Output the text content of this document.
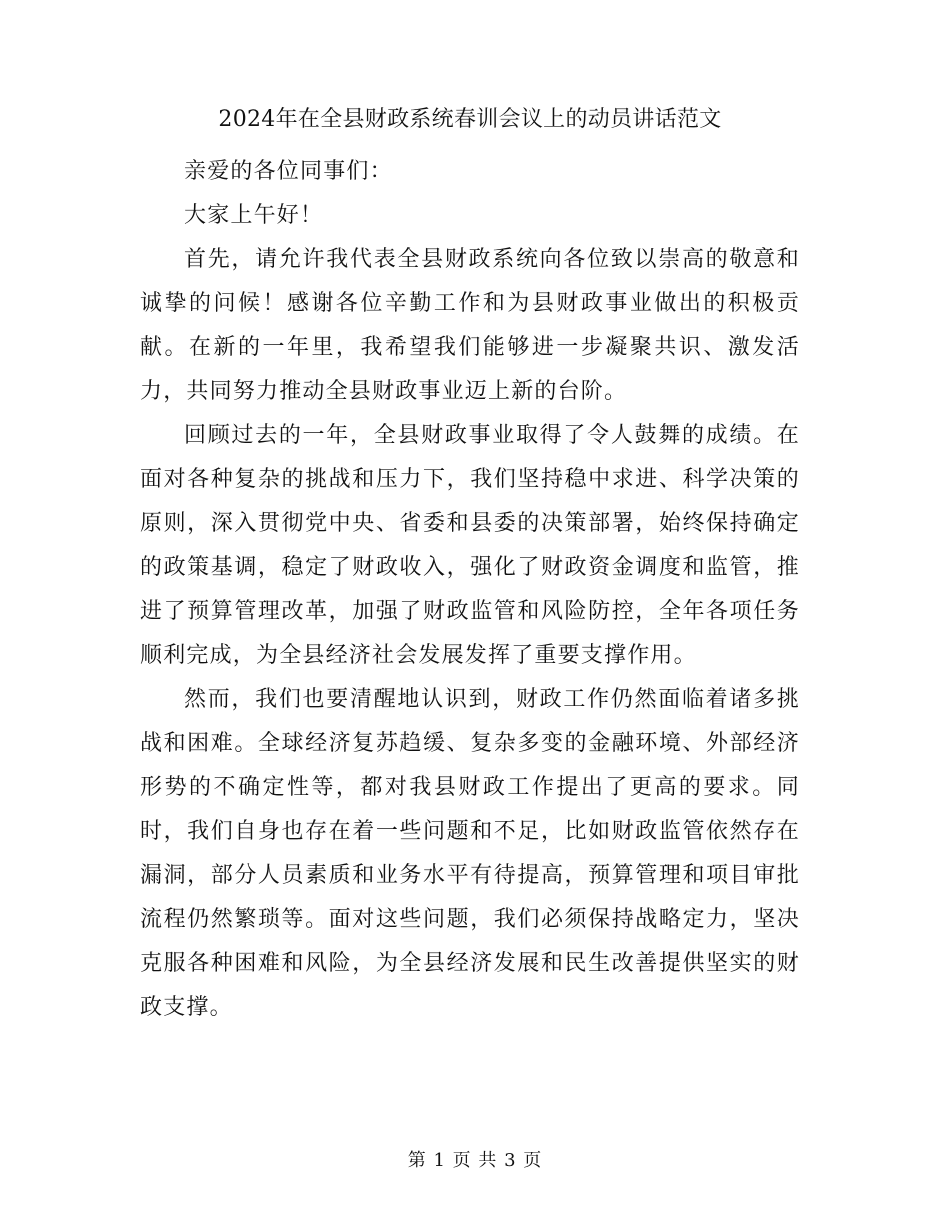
2024年在全县财政系统春训会议上的动员讲话范文

亲爱的各位同事们：

大家上午好！

首先，请允许我代表全县财政系统向各位致以崇高的敬意和诚挚的问候！感谢各位辛勤工作和为县财政事业做出的积极贡献。在新的一年里，我希望我们能够进一步凝聚共识、激发活力，共同努力推动全县财政事业迈上新的台阶。

回顾过去的一年，全县财政事业取得了令人鼓舞的成绩。在面对各种复杂的挑战和压力下，我们坚持稳中求进、科学决策的原则，深入贯彻党中央、省委和县委的决策部署，始终保持确定的政策基调，稳定了财政收入，强化了财政资金调度和监管，推进了预算管理改革，加强了财政监管和风险防控，全年各项任务顺利完成，为全县经济社会发展发挥了重要支撑作用。

然而，我们也要清醒地认识到，财政工作仍然面临着诸多挑战和困难。全球经济复苏趋缓、复杂多变的金融环境、外部经济形势的不确定性等，都对我县财政工作提出了更高的要求。同时，我们自身也存在着一些问题和不足，比如财政监管依然存在漏洞，部分人员素质和业务水平有待提高，预算管理和项目审批流程仍然繁琐等。面对这些问题，我们必须保持战略定力，坚决克服各种困难和风险，为全县经济发展和民生改善提供坚实的财政支撑。

第 1 页 共 3 页
